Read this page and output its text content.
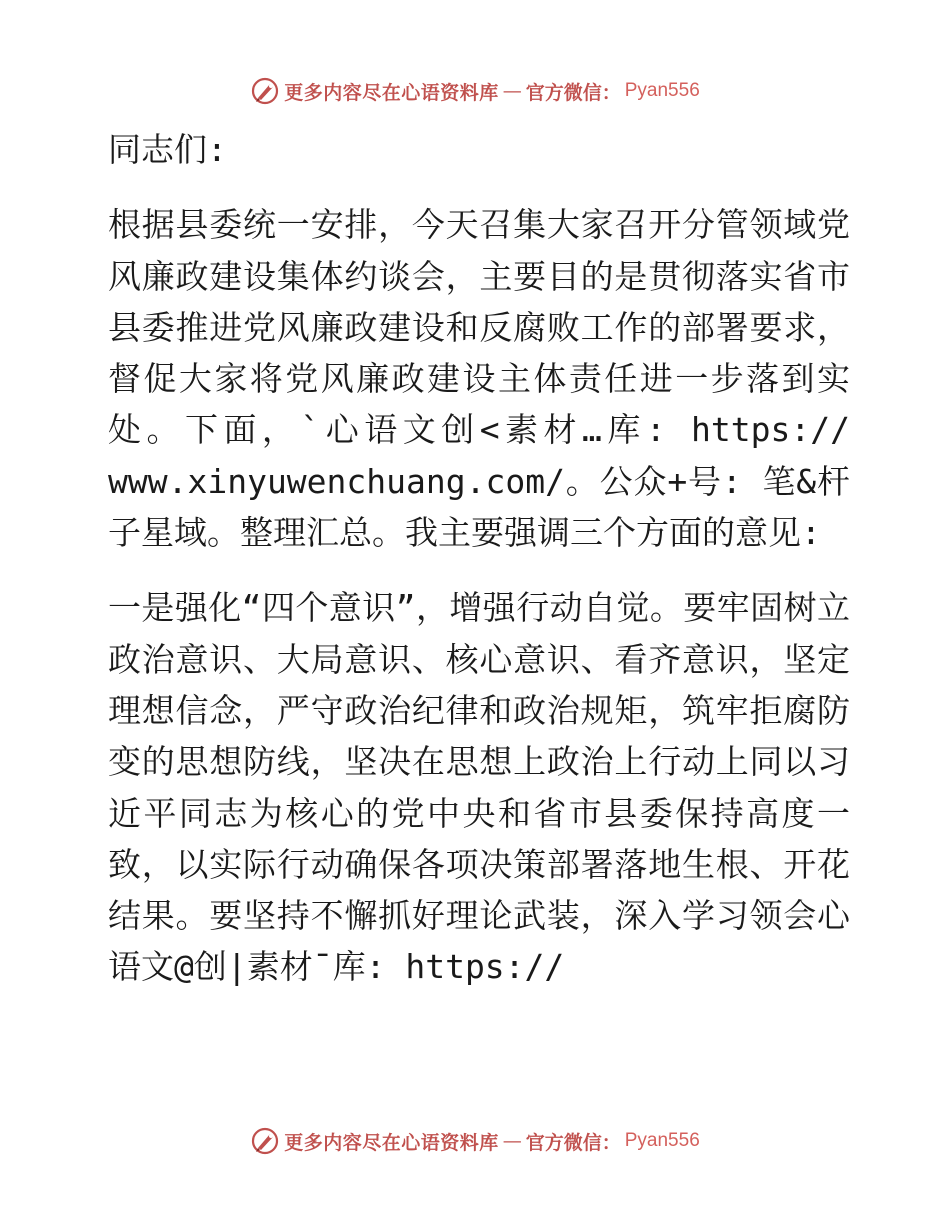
更多内容尽在心语资料库 — 官方微信： Pyan556

同志们:

根据县委统一安排，今天召集大家召开分管领域党风廉政建设集体约谈会，主要目的是贯彻落实省市县委推进党风廉政建设和反腐败工作的部署要求，督促大家将党风廉政建设主体责任进一步落到实处。下面，`心语文创<素材…库: https:// www.xinyuwenchuang.com/。公众+号: 笔&杆子星域。整理汇总。我主要强调三个方面的意见:

一是强化“四个意识”，增强行动自觉。要牢固树立政治意识、大局意识、核心意识、看齐意识，坚定理想信念，严守政治纪律和政治规矩，筑牢拒腐防变的思想防线，坚决在思想上政治上行动上同以习近平同志为核心的党中央和省市县委保持高度一致，以实际行动确保各项决策部署落地生根、开花结果。要坚持不懈抓好理论武装，深入学习领会心语文@创|素材¯库: https://

更多内容尽在心语资料库 — 官方微信： Pyan556
